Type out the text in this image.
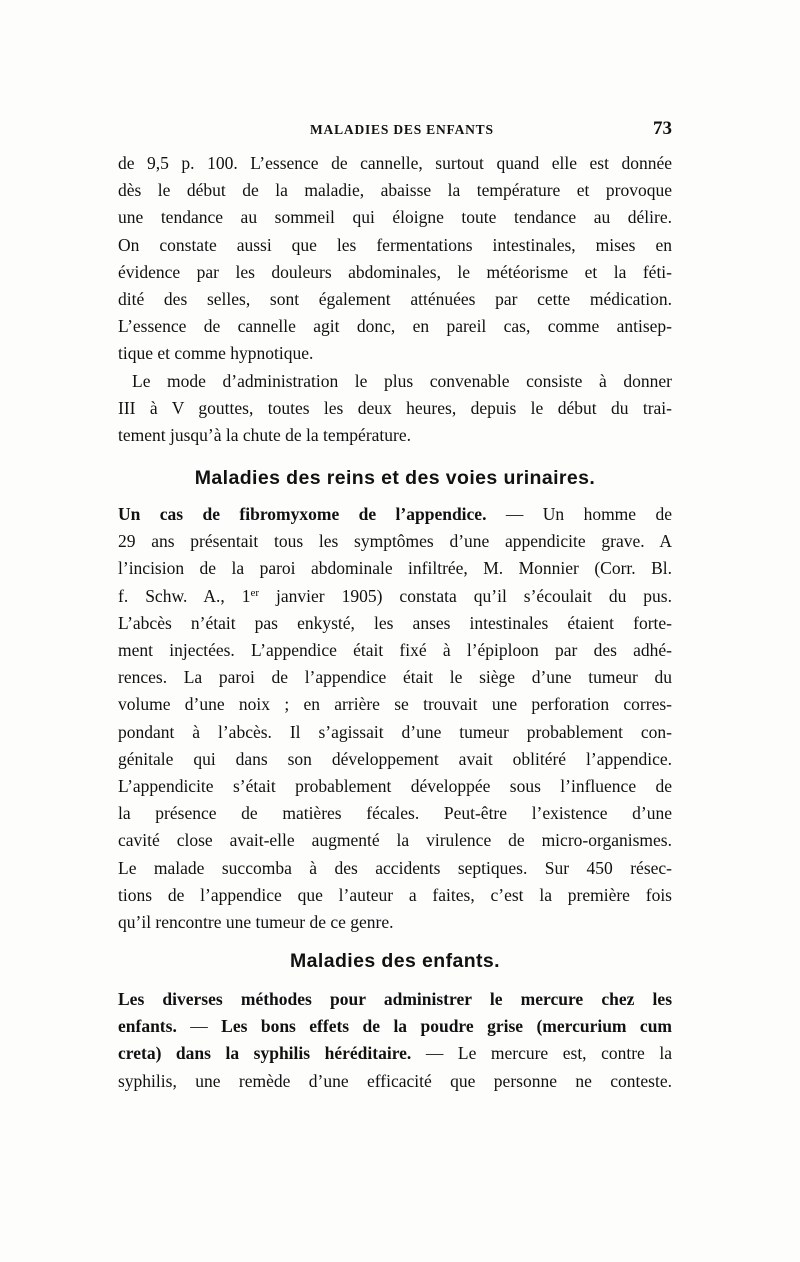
MALADIES DES ENFANTS	73
de 9,5 p. 100. L’essence de cannelle, surtout quand elle est donnée
dès le début de la maladie, abaisse la température et provoque
une tendance au sommeil qui éloigne toute tendance au délire.
On constate aussi que les fermentations intestinales, mises en
évidence par les douleurs abdominales, le météorisme et la féti-
dité des selles, sont également atténuées par cette médication.
L’essence de cannelle agit donc, en pareil cas, comme antisep-
tique et comme hypnotique.
Le mode d’administration le plus convenable consiste à donner
III à V gouttes, toutes les deux heures, depuis le début du trai-
tement jusqu’à la chute de la température.
Maladies des reins et des voies urinaires.
Un cas de fibromyxome de l’appendice. — Un homme de
29 ans présentait tous les symptômes d’une appendicite grave. A
l’incision de la paroi abdominale infiltrée, M. Monnier (Corr. Bl.
f. Schw. A., 1er janvier 1905) constata qu’il s’écoulait du pus.
L’abcès n’était pas enkysté, les anses intestinales étaient forte-
ment injectées. L’appendice était fixé à l’épiploon par des adhé-
rences. La paroi de l’appendice était le siège d’une tumeur du
volume d’une noix ; en arrière se trouvait une perforation corres-
pondant à l’abcès. Il s’agissait d’une tumeur probablement con-
génitale qui dans son développement avait oblitéré l’appendice.
L’appendicite s’était probablement développée sous l’influence de
la présence de matières fécales. Peut-être l’existence d’une
cavité close avait-elle augmenté la virulence de micro-organismes.
Le malade succomba à des accidents septiques. Sur 450 résec-
tions de l’appendice que l’auteur a faites, c’est la première fois
qu’il rencontre une tumeur de ce genre.
Maladies des enfants.
Les diverses méthodes pour administrer le mercure chez les
enfants. — Les bons effets de la poudre grise (mercurium cum
creta) dans la syphilis héréditaire. — Le mercure est, contre la
syphilis, une remède d’une efficacité que personne ne conteste.
